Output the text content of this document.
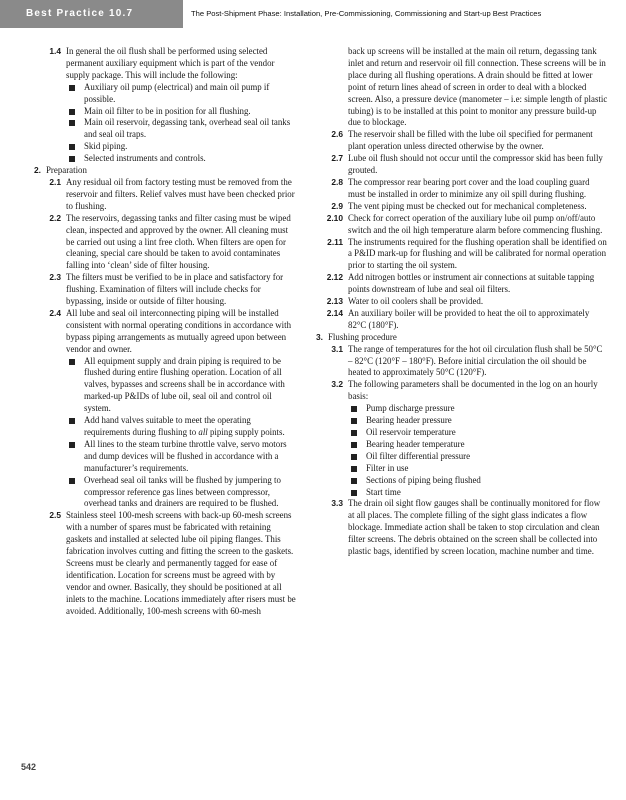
Best Practice 10.7	The Post-Shipment Phase: Installation, Pre-Commissioning, Commissioning and Start-up Best Practices
1.4 In general the oil flush shall be performed using selected permanent auxiliary equipment which is part of the vendor supply package. This will include the following:
Auxiliary oil pump (electrical) and main oil pump if possible.
Main oil filter to be in position for all flushing.
Main oil reservoir, degassing tank, overhead seal oil tanks and seal oil traps.
Skid piping.
Selected instruments and controls.
2. Preparation
2.1 Any residual oil from factory testing must be removed from the reservoir and filters. Relief valves must have been checked prior to flushing.
2.2 The reservoirs, degassing tanks and filter casing must be wiped clean, inspected and approved by the owner. All cleaning must be carried out using a lint free cloth. When filters are open for cleaning, special care should be taken to avoid contaminates falling into ‘clean’ side of filter housing.
2.3 The filters must be verified to be in place and satisfactory for flushing. Examination of filters will include checks for bypassing, inside or outside of filter housing.
2.4 All lube and seal oil interconnecting piping will be installed consistent with normal operating conditions in accordance with bypass piping arrangements as mutually agreed upon between vendor and owner.
All equipment supply and drain piping is required to be flushed during entire flushing operation. Location of all valves, bypasses and screens shall be in accordance with marked-up P&IDs of lube oil, seal oil and control oil system.
Add hand valves suitable to meet the operating requirements during flushing to all piping supply points.
All lines to the steam turbine throttle valve, servo motors and dump devices will be flushed in accordance with a manufacturer’s requirements.
Overhead seal oil tanks will be flushed by jumpering to compressor reference gas lines between compressor, overhead tanks and drainers are required to be flushed.
2.5 Stainless steel 100-mesh screens with back-up 60-mesh screens with a number of spares must be fabricated with retaining gaskets and installed at selected lube oil piping flanges. This fabrication involves cutting and fitting the screen to the gaskets. Screens must be clearly and permanently tagged for ease of identification. Location for screens must be agreed with by vendor and owner. Basically, they should be positioned at all inlets to the machine. Locations immediately after risers must be avoided. Additionally, 100-mesh screens with 60-mesh
back up screens will be installed at the main oil return, degassing tank inlet and return and reservoir oil fill connection. These screens will be in place during all flushing operations. A drain should be fitted at lower point of return lines ahead of screen in order to deal with a blocked screen. Also, a pressure device (manometer – i.e: simple length of plastic tubing) is to be installed at this point to monitor any pressure build-up due to blockage.
2.6 The reservoir shall be filled with the lube oil specified for permanent plant operation unless directed otherwise by the owner.
2.7 Lube oil flush should not occur until the compressor skid has been fully grouted.
2.8 The compressor rear bearing port cover and the load coupling guard must be installed in order to minimize any oil spill during flushing.
2.9 The vent piping must be checked out for mechanical completeness.
2.10 Check for correct operation of the auxiliary lube oil pump on/off/auto switch and the oil high temperature alarm before commencing flushing.
2.11 The instruments required for the flushing operation shall be identified on a P&ID mark-up for flushing and will be calibrated for normal operation prior to starting the oil system.
2.12 Add nitrogen bottles or instrument air connections at suitable tapping points downstream of lube and seal oil filters.
2.13 Water to oil coolers shall be provided.
2.14 An auxiliary boiler will be provided to heat the oil to approximately 82°C (180°F).
3. Flushing procedure
3.1 The range of temperatures for the hot oil circulation flush shall be 50°C – 82°C (120°F – 180°F). Before initial circulation the oil should be heated to approximately 50°C (120°F).
3.2 The following parameters shall be documented in the log on an hourly basis:
Pump discharge pressure
Bearing header pressure
Oil reservoir temperature
Bearing header temperature
Oil filter differential pressure
Filter in use
Sections of piping being flushed
Start time
3.3 The drain oil sight flow gauges shall be continually monitored for flow at all places. The complete filling of the sight glass indicates a flow blockage. Immediate action shall be taken to stop circulation and clean filter screens. The debris obtained on the screen shall be collected into plastic bags, identified by screen location, machine number and time.
542
